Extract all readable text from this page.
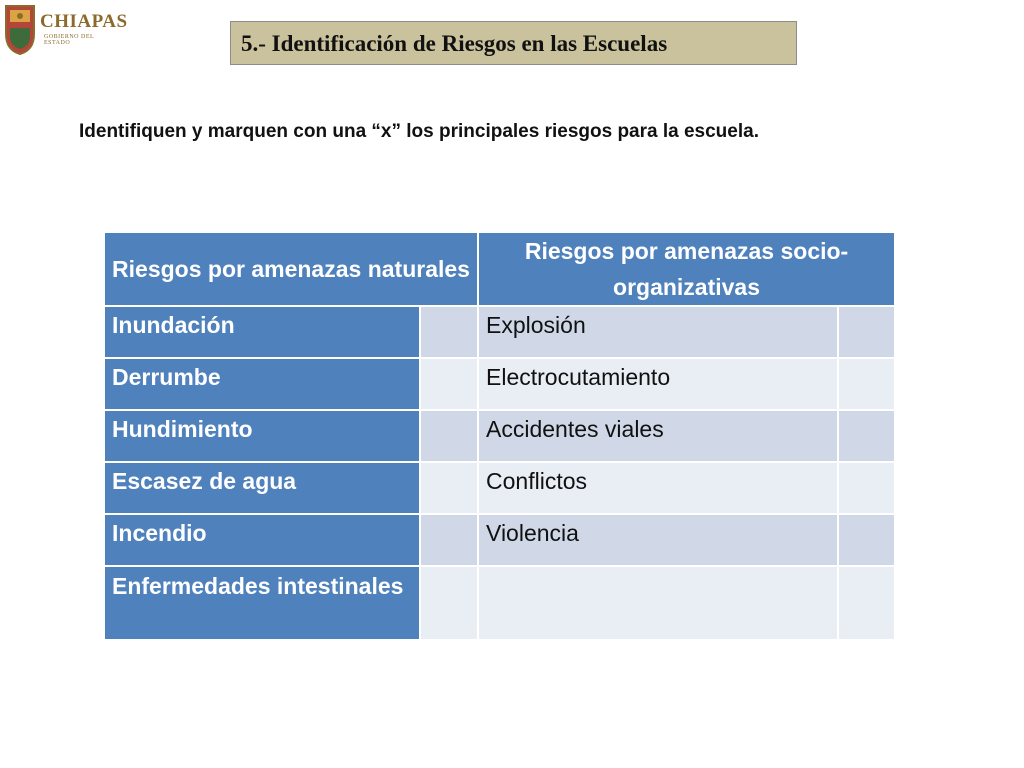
CHIAPAS
GOBIERNO DEL ESTADO	5.- Identificación de Riesgos en las Escuelas
Identifiquen y marquen con una “x” los principales riesgos para la escuela.
Riesgos por amenazas naturales		Riesgos por amenazas socio-organizativas	
Inundación		Explosión	
Derrumbe		Electrocutamiento	
Hundimiento		Accidentes viales	
Escasez de agua		Conflictos	
Incendio		Violencia	
Enfermedades intestinales			
